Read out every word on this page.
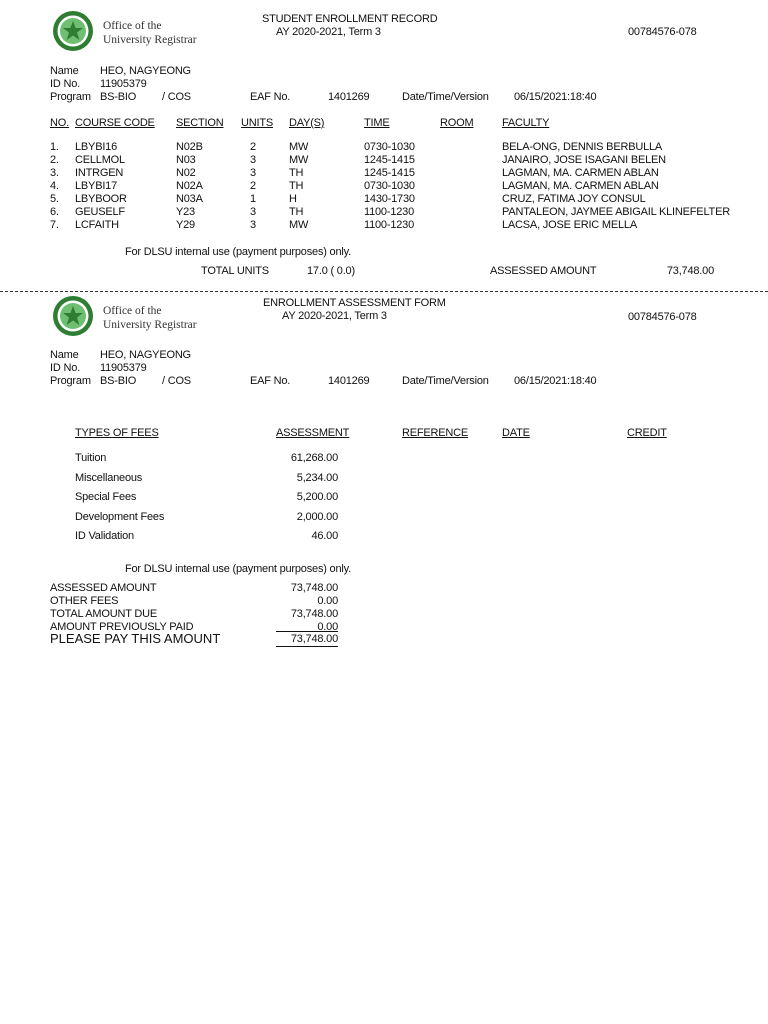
Office of the
University Registrar
STUDENT ENROLLMENT RECORD
AY 2020-2021, Term 3	00784576-078
Name HEO, NAGYEONG
ID No. 11905379
Program BS-BIO / COS	EAF No.	1401269	Date/Time/Version 06/15/2021:18:40
NO. COURSE CODE SECTION UNITS DAY(S)	TIME	ROOM	FACULTY
1. LBYBI16	N02B	2	MW	0730-1030	BELA-ONG, DENNIS BERBULLA
2. CELLMOL	N03	3	MW	1245-1415	JANAIRO, JOSE ISAGANI BELEN
3. INTRGEN	N02	3	TH	1245-1415	LAGMAN, MA. CARMEN ABLAN
4. LBYBI17	N02A	2	TH	0730-1030	LAGMAN, MA. CARMEN ABLAN
5. LBYBOOR	N03A	1	H	1430-1730	CRUZ, FATIMA JOY CONSUL
6. GEUSELF	Y23	3	TH	1100-1230	PANTALEON, JAYMEE ABIGAIL KLINEFELTER
7. LCFAITH	Y29	3	MW	1100-1230	LACSA, JOSE ERIC MELLA
For DLSU internal use (payment purposes) only.
TOTAL UNITS	17.0 ( 0.0)	ASSESSED AMOUNT	73,748.00
Office of the
University Registrar
ENROLLMENT ASSESSMENT FORM
AY 2020-2021, Term 3	00784576-078
Name HEO, NAGYEONG
ID No. 11905379
Program BS-BIO / COS	EAF No.	1401269	Date/Time/Version 06/15/2021:18:40
TYPES OF FEES	ASSESSMENT	REFERENCE	DATE	CREDIT
Tuition	61,268.00
Miscellaneous	5,234.00
Special Fees	5,200.00
Development Fees	2,000.00
ID Validation	46.00
For DLSU internal use (payment purposes) only.
ASSESSED AMOUNT	73,748.00
OTHER FEES	0.00
TOTAL AMOUNT DUE	73,748.00
AMOUNT PREVIOUSLY PAID	0.00
PLEASE PAY THIS AMOUNT	73,748.00
